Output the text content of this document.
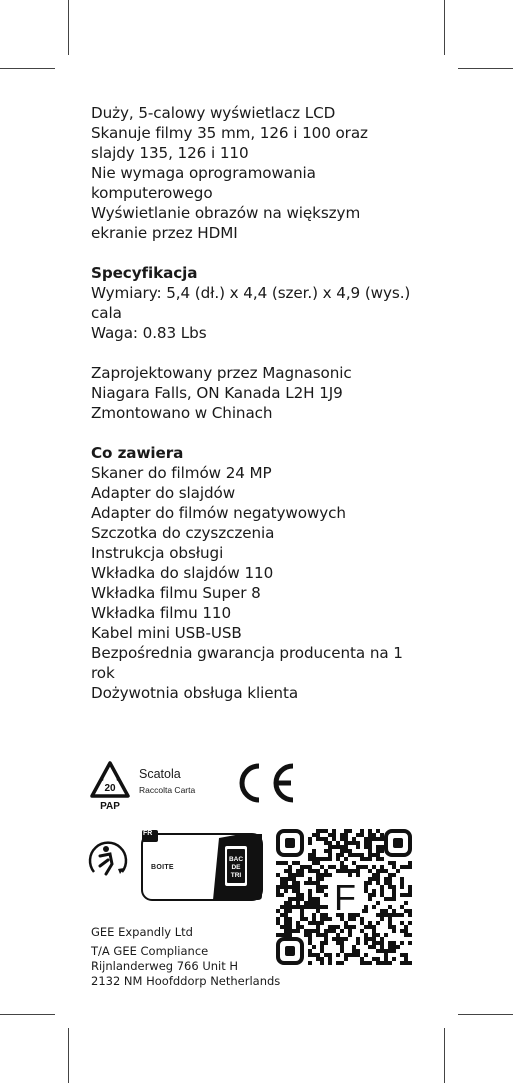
Duży, 5-calowy wyświetlacz LCD
Skanuje filmy 35 mm, 126 i 100 oraz
slajdy 135, 126 i 110
Nie wymaga oprogramowania
komputerowego
Wyświetlanie obrazów na większym
ekranie przez HDMI
Specyfikacja
Wymiary: 5,4 (dł.) x 4,4 (szer.) x 4,9 (wys.)
cala
Waga: 0.83 Lbs
Zaprojektowany przez Magnasonic
Niagara Falls, ON Kanada L2H 1J9
Zmontowano w Chinach
Co zawiera
Skaner do filmów 24 MP
Adapter do slajdów
Adapter do filmów negatywowych
Szczotka do czyszczenia
Instrukcja obsługi
Wkładka do slajdów 110
Wkładka filmu Super 8
Wkładka filmu 110
Kabel mini USB-USB
Bezpośrednia gwarancja producenta na 1
rok
Dożywotnia obsługa klienta
20
PAP
Scatola
Raccolta Carta
BAC
DE
TRI
FR
BOITE
F
GEE Expandly Ltd
T/A GEE Compliance
Rijnlanderweg 766 Unit H
2132 NM Hoofddorp Netherlands
